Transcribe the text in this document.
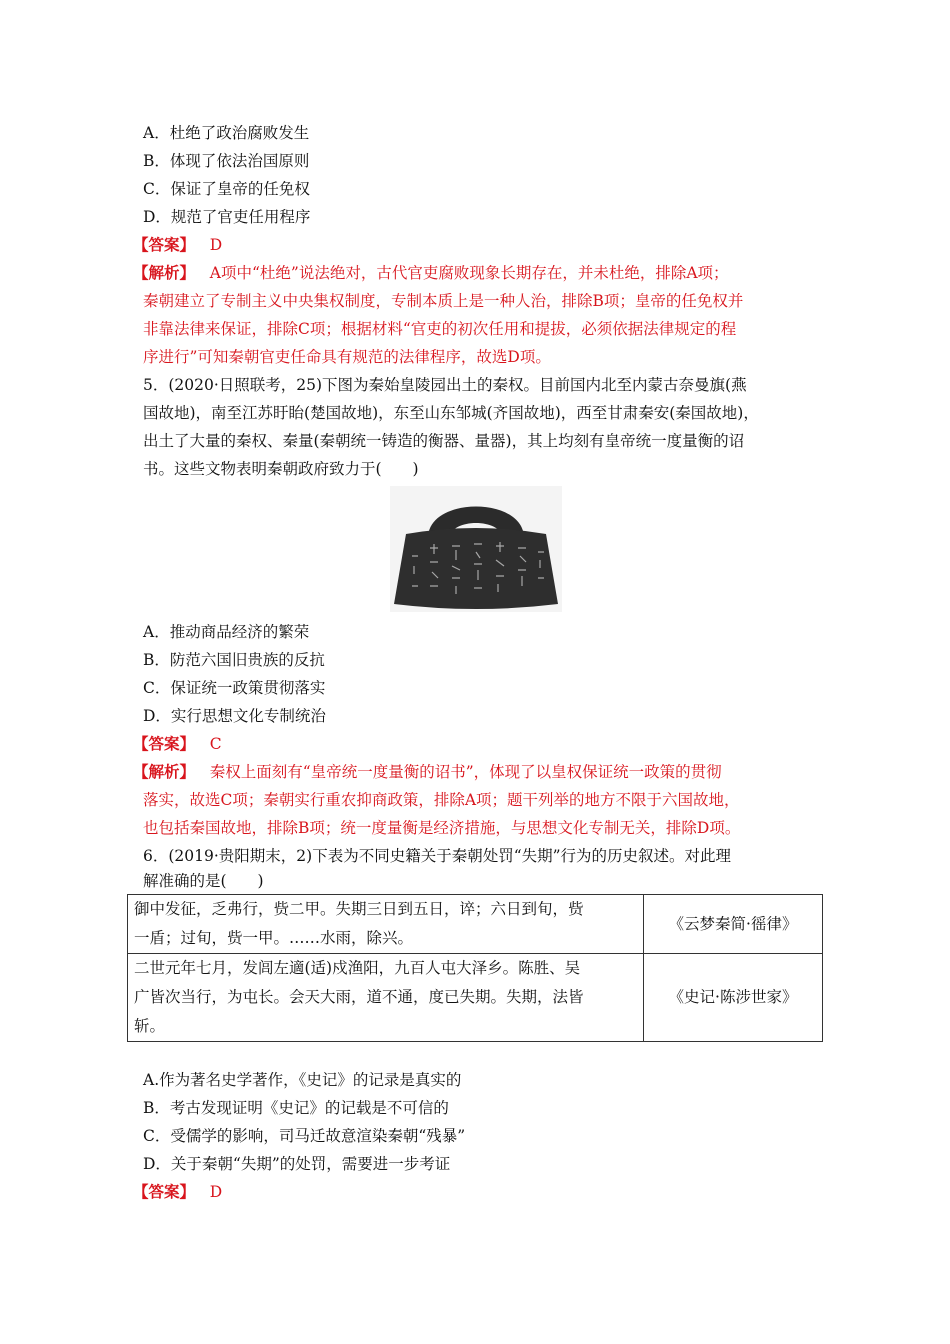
A．杜绝了政治腐败发生
B．体现了依法治国原则
C．保证了皇帝的任免权
D．规范了官吏任用程序
【答案】 D
【解析】 A项中“杜绝”说法绝对，古代官吏腐败现象长期存在，并未杜绝，排除A项；
秦朝建立了专制主义中央集权制度，专制本质上是一种人治，排除B项；皇帝的任免权并
非靠法律来保证，排除C项；根据材料“官吏的初次任用和提拔，必须依据法律规定的程
序进行”可知秦朝官吏任命具有规范的法律程序，故选D项。
5．(2020·日照联考，25)下图为秦始皇陵园出土的秦权。目前国内北至内蒙古奈曼旗(燕
国故地)，南至江苏盱眙(楚国故地)，东至山东邹城(齐国故地)，西至甘肃秦安(秦国故地)，
出土了大量的秦权、秦量(秦朝统一铸造的衡器、量器)，其上均刻有皇帝统一度量衡的诏
书。这些文物表明秦朝政府致力于(　　)
A．推动商品经济的繁荣
B．防范六国旧贵族的反抗
C．保证统一政策贯彻落实
D．实行思想文化专制统治
【答案】 C
【解析】 秦权上面刻有“皇帝统一度量衡的诏书”，体现了以皇权保证统一政策的贯彻
落实，故选C项；秦朝实行重农抑商政策，排除A项；题干列举的地方不限于六国故地，
也包括秦国故地，排除B项；统一度量衡是经济措施，与思想文化专制无关，排除D项。
6．(2019·贵阳期末，2)下表为不同史籍关于秦朝处罚“失期”行为的历史叙述。对此理
解准确的是(　　)
御中发征，乏弗行，赀二甲。失期三日到五日，谇；六日到旬，赀
一盾；过旬，赀一甲。……水雨，除兴。	《云梦秦简·徭律》

二世元年七月，发闾左適(适)戍渔阳，九百人屯大泽乡。陈胜、吴
广皆次当行，为屯长。会天大雨，道不通，度已失期。失期，法皆
斩。	《史记·陈涉世家》
A.作为著名史学著作，《史记》的记录是真实的
B．考古发现证明《史记》的记载是不可信的
C．受儒学的影响，司马迁故意渲染秦朝“残暴”
D．关于秦朝“失期”的处罚，需要进一步考证
【答案】 D
